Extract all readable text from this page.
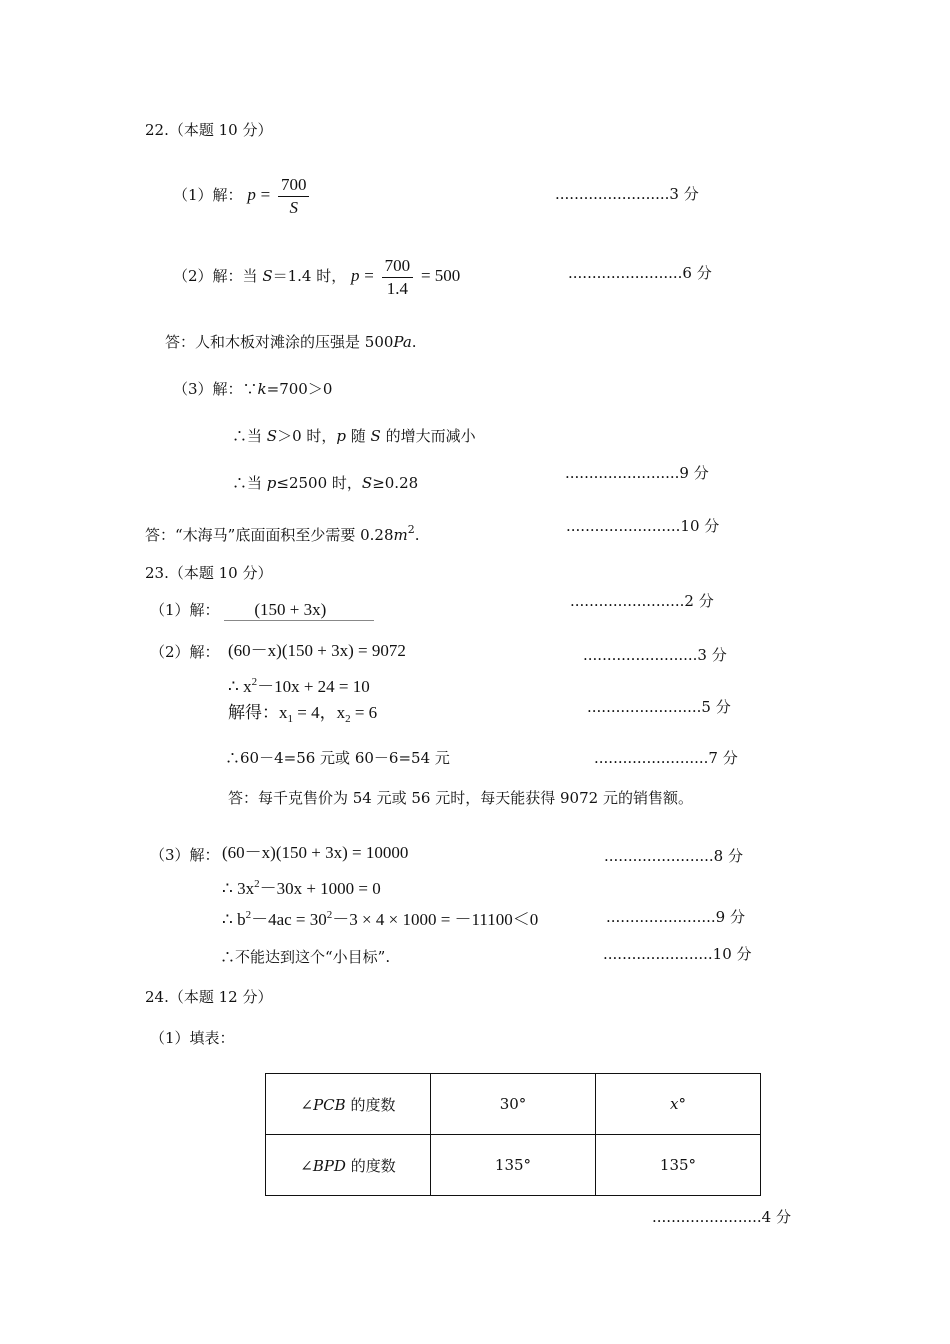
22.（本题 10 分）
（1）解： $p = \frac{700}{S}$	........................3 分
（2）解：当 S＝1.4 时， $p = \frac{700}{1.4} = 500$	........................6 分
答：人和木板对滩涂的压强是 500Pa.
（3）解：∵k=700＞0
∴当 S＞0 时，p 随 S 的增大而减小
∴当 p≤2500 时，S≥0.28
........................9 分
答：“木海马”底面面积至少需要 $0.28m^2$.	........................10 分
23.（本题 10 分）
（1）解： (150 + 3x)	........................2 分
（2）解： (60－x)(150 + 3x) = 9072	........................3 分
∴ $x^2-10x + 24 = 10$
解得：$x_1 = 4$，$x_2 = 6$	........................5 分
∴60－4=56 元或 60－6=54 元	........................7 分
答：每千克售价为 54 元或 56 元时，每天能获得 9072 元的销售额。
（3）解： (60－x)(150 + 3x) = 10000	.......................8 分
∴ $3x^2-30x + 1000 = 0$
∴ $b^2-4ac = 30^2-3 \times 4 \times 1000 = -11100<0$	.......................9 分
∴不能达到这个“小目标”.	.......................10 分
24.（本题 12 分）
（1）填表：
∠PCB 的度数	30°	x°
∠BPD 的度数	135°	135°
.......................4 分
